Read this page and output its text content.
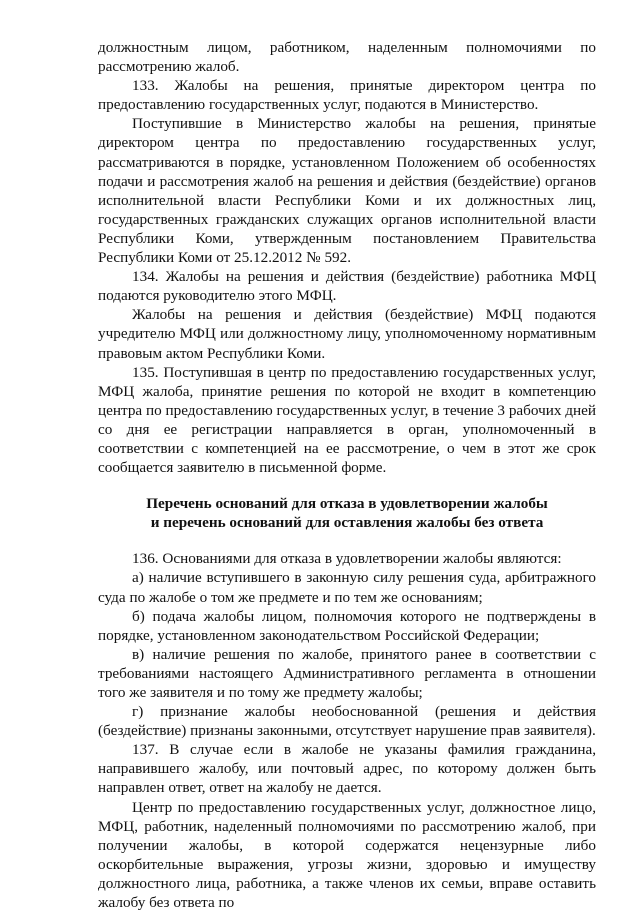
должностным лицом, работником, наделенным полномочиями по рассмотрению жалоб.

133. Жалобы на решения, принятые директором центра по предоставлению государственных услуг, подаются в Министерство.

Поступившие в Министерство жалобы на решения, принятые директором центра по предоставлению государственных услуг, рассматриваются в порядке, установленном Положением об особенностях подачи и рассмотрения жалоб на решения и действия (бездействие) органов исполнительной власти Республики Коми и их должностных лиц, государственных гражданских служащих органов исполнительной власти Республики Коми, утвержденным постановлением Правительства Республики Коми от 25.12.2012 № 592.

134. Жалобы на решения и действия (бездействие) работника МФЦ подаются руководителю этого МФЦ.

Жалобы на решения и действия (бездействие) МФЦ подаются учредителю МФЦ или должностному лицу, уполномоченному нормативным правовым актом Республики Коми.

135. Поступившая в центр по предоставлению государственных услуг, МФЦ жалоба, принятие решения по которой не входит в компетенцию центра по предоставлению государственных услуг, в течение 3 рабочих дней со дня ее регистрации направляется в орган, уполномоченный в соответствии с компетенцией на ее рассмотрение, о чем в этот же срок сообщается заявителю в письменной форме.

Перечень оснований для отказа в удовлетворении жалобы
и перечень оснований для оставления жалобы без ответа

136. Основаниями для отказа в удовлетворении жалобы являются:

а) наличие вступившего в законную силу решения суда, арбитражного суда по жалобе о том же предмете и по тем же основаниям;

б) подача жалобы лицом, полномочия которого не подтверждены в порядке, установленном законодательством Российской Федерации;

в) наличие решения по жалобе, принятого ранее в соответствии с требованиями настоящего Административного регламента в отношении того же заявителя и по тому же предмету жалобы;

г) признание жалобы необоснованной (решения и действия (бездействие) признаны законными, отсутствует нарушение прав заявителя).

137. В случае если в жалобе не указаны фамилия гражданина, направившего жалобу, или почтовый адрес, по которому должен быть направлен ответ, ответ на жалобу не дается.

Центр по предоставлению государственных услуг, должностное лицо, МФЦ, работник, наделенный полномочиями по рассмотрению жалоб, при получении жалобы, в которой содержатся нецензурные либо оскорбительные выражения, угрозы жизни, здоровью и имуществу должностного лица, работника, а также членов их семьи, вправе оставить жалобу без ответа по
